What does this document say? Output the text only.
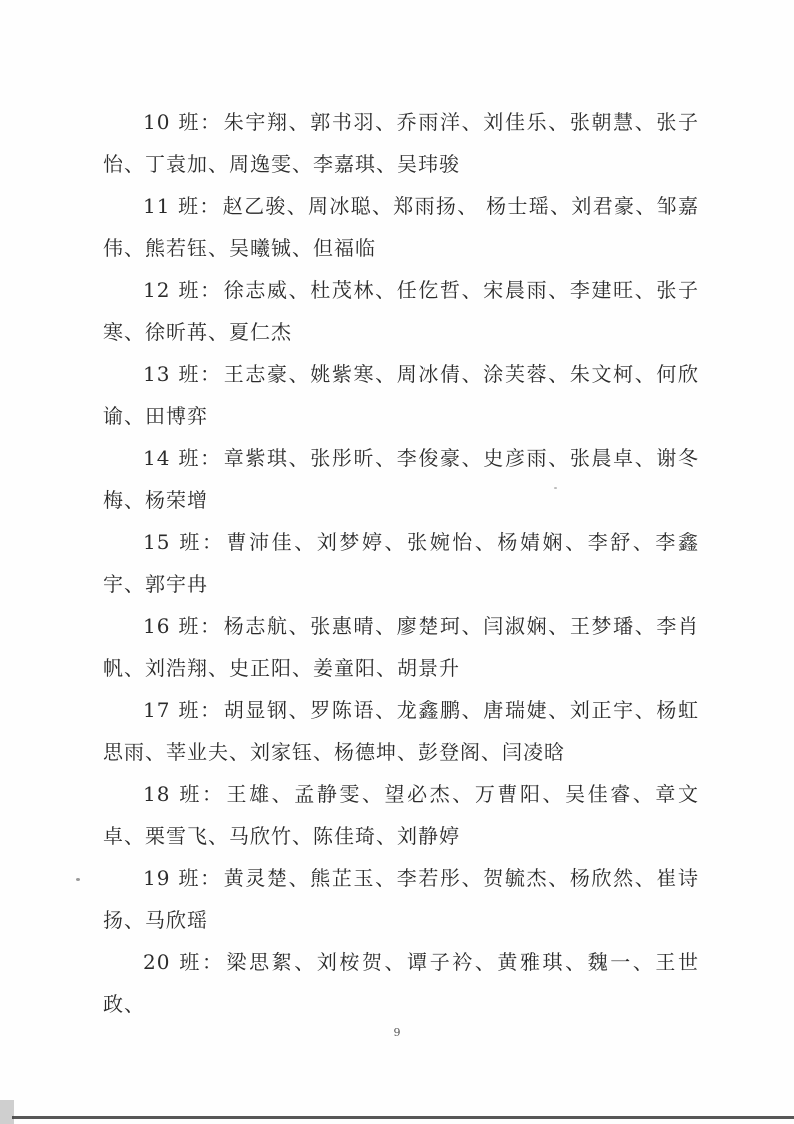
10 班： 朱宇翔、郭书羽、乔雨洋、刘佳乐、张朝慧、张子怡、丁袁加、周逸雯、李嘉琪、吴玮骏

11 班： 赵乙骏、周冰聪、郑雨扬、 杨士瑶、刘君豪、邹嘉伟、熊若钰、吴曦铖、但福临

12 班： 徐志威、杜茂林、任仡哲、宋晨雨、李建旺、张子寒、徐昕苒、夏仁杰

13 班： 王志豪、姚紫寒、周冰倩、涂芙蓉、朱文柯、何欣谕、田博弈

14 班： 章紫琪、张彤昕、李俊豪、史彦雨、张晨卓、谢冬梅、杨荣增

15 班： 曹沛佳、刘梦婷、张婉怡、杨婧娴、李舒、李鑫宇、郭宇冉

16 班： 杨志航、张惠晴、廖楚珂、闫淑娴、王梦璠、李肖帆、刘浩翔、史正阳、姜童阳、胡景升

17 班： 胡显钢、罗陈语、龙鑫鹏、唐瑞婕、刘正宇、杨虹思雨、莘业夫、刘家钰、杨德坤、彭登阁、闫凌晗

18 班： 王雄、孟静雯、望必杰、万曹阳、吴佳睿、章文卓、栗雪飞、马欣竹、陈佳琦、刘静婷

19 班： 黄灵楚、熊芷玉、李若彤、贺毓杰、杨欣然、崔诗扬、马欣瑶

20 班： 梁思絮、刘桉贺、谭子衿、黄雅琪、魏一、王世政、

9
